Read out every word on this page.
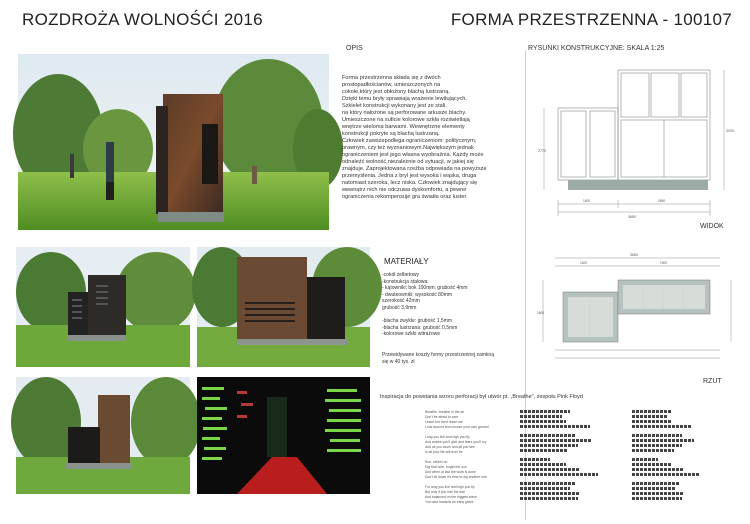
ROZDROŻA WOLNOŚĆI 2016	FORMA PRZESTRZENNA - 100107
OPIS
Forma przestrzenna składa się z dwóch
prostopadłościanów, umieszczonych na
cokole,który jest obłożony blachą lustrzaną.
Dzięki temu bryły sprawiają wrażenie lewitujących.
Szkielet konstrukcji wykonany jest ze stali,
na który nałożone są perforowane arkusze blachy.
Umieszczone na suficie kolorowe szkła rozświetlają
wnętrze wieloma barwami. Wewnętrzne elementy
konstrukcji pokryte są blachą lustrzaną.
Człowiek zawszepodlega ograniczeniom: politycznym,
prawnym, czy też wyznaniowym.Największym jednak
ograniczeniem jest jego własna wyobraźnia. Każdy może
odnaleźć wolność,niezależnie od sytuacji, w jakiej się
znajduje. Zaprojektowana rzeźba odpowiada na powyższe
przemyślenia. Jedna z bryl jest wysoka i wąska, druga
natomiast szeroka, lecz niska. Człowiek znajdujący się
wewnątrz nich nie odczuwa dyskomfortu, a pewne
ograniczenia rekompensuje gra światła oraz luster.
RYSUNKI KONSTRUKCYJNE: SKALA 1:25
2770
3030
3650
1400	2650
WIDOK
3650
1400	1900
1600
RZUT
MATERIAŁY
-cokół żelbetowy
-konstrukcja stalowa:
- kątowniki: bok 100mm; grubość 4mm
- dwuteowniki: wysokość 80mm
szerokość 42mm
grubość 3,9mm

-blacha zwykle: grubość 1,5mm
-blacha lustrzana: grubość 0,5mm
-kolorowe szkło witrażowe
Przewidywane koszty formy przestrzennej zamkną
się w 40 tys. zł
Inspiracja do powstania wzoru perforacji był utwór pt. „Breathe", zespołu Pink Floyd
Breathe, breathe in the air
Don't be afraid to care
Leave but don't leave me
Look around and choose your own ground

Long you live and high you fly
And smiles you'll give and tears you'll cry
And all you touch and all you see
Is all your life will ever be

Run, rabbit run
Dig that hole, forget the sun
And when at last the work is done
Don't sit down it's time to dig another one

For long you live and high you fly
But only if you ride the tide
And balanced on the biggest wave
You race towards an early grave
